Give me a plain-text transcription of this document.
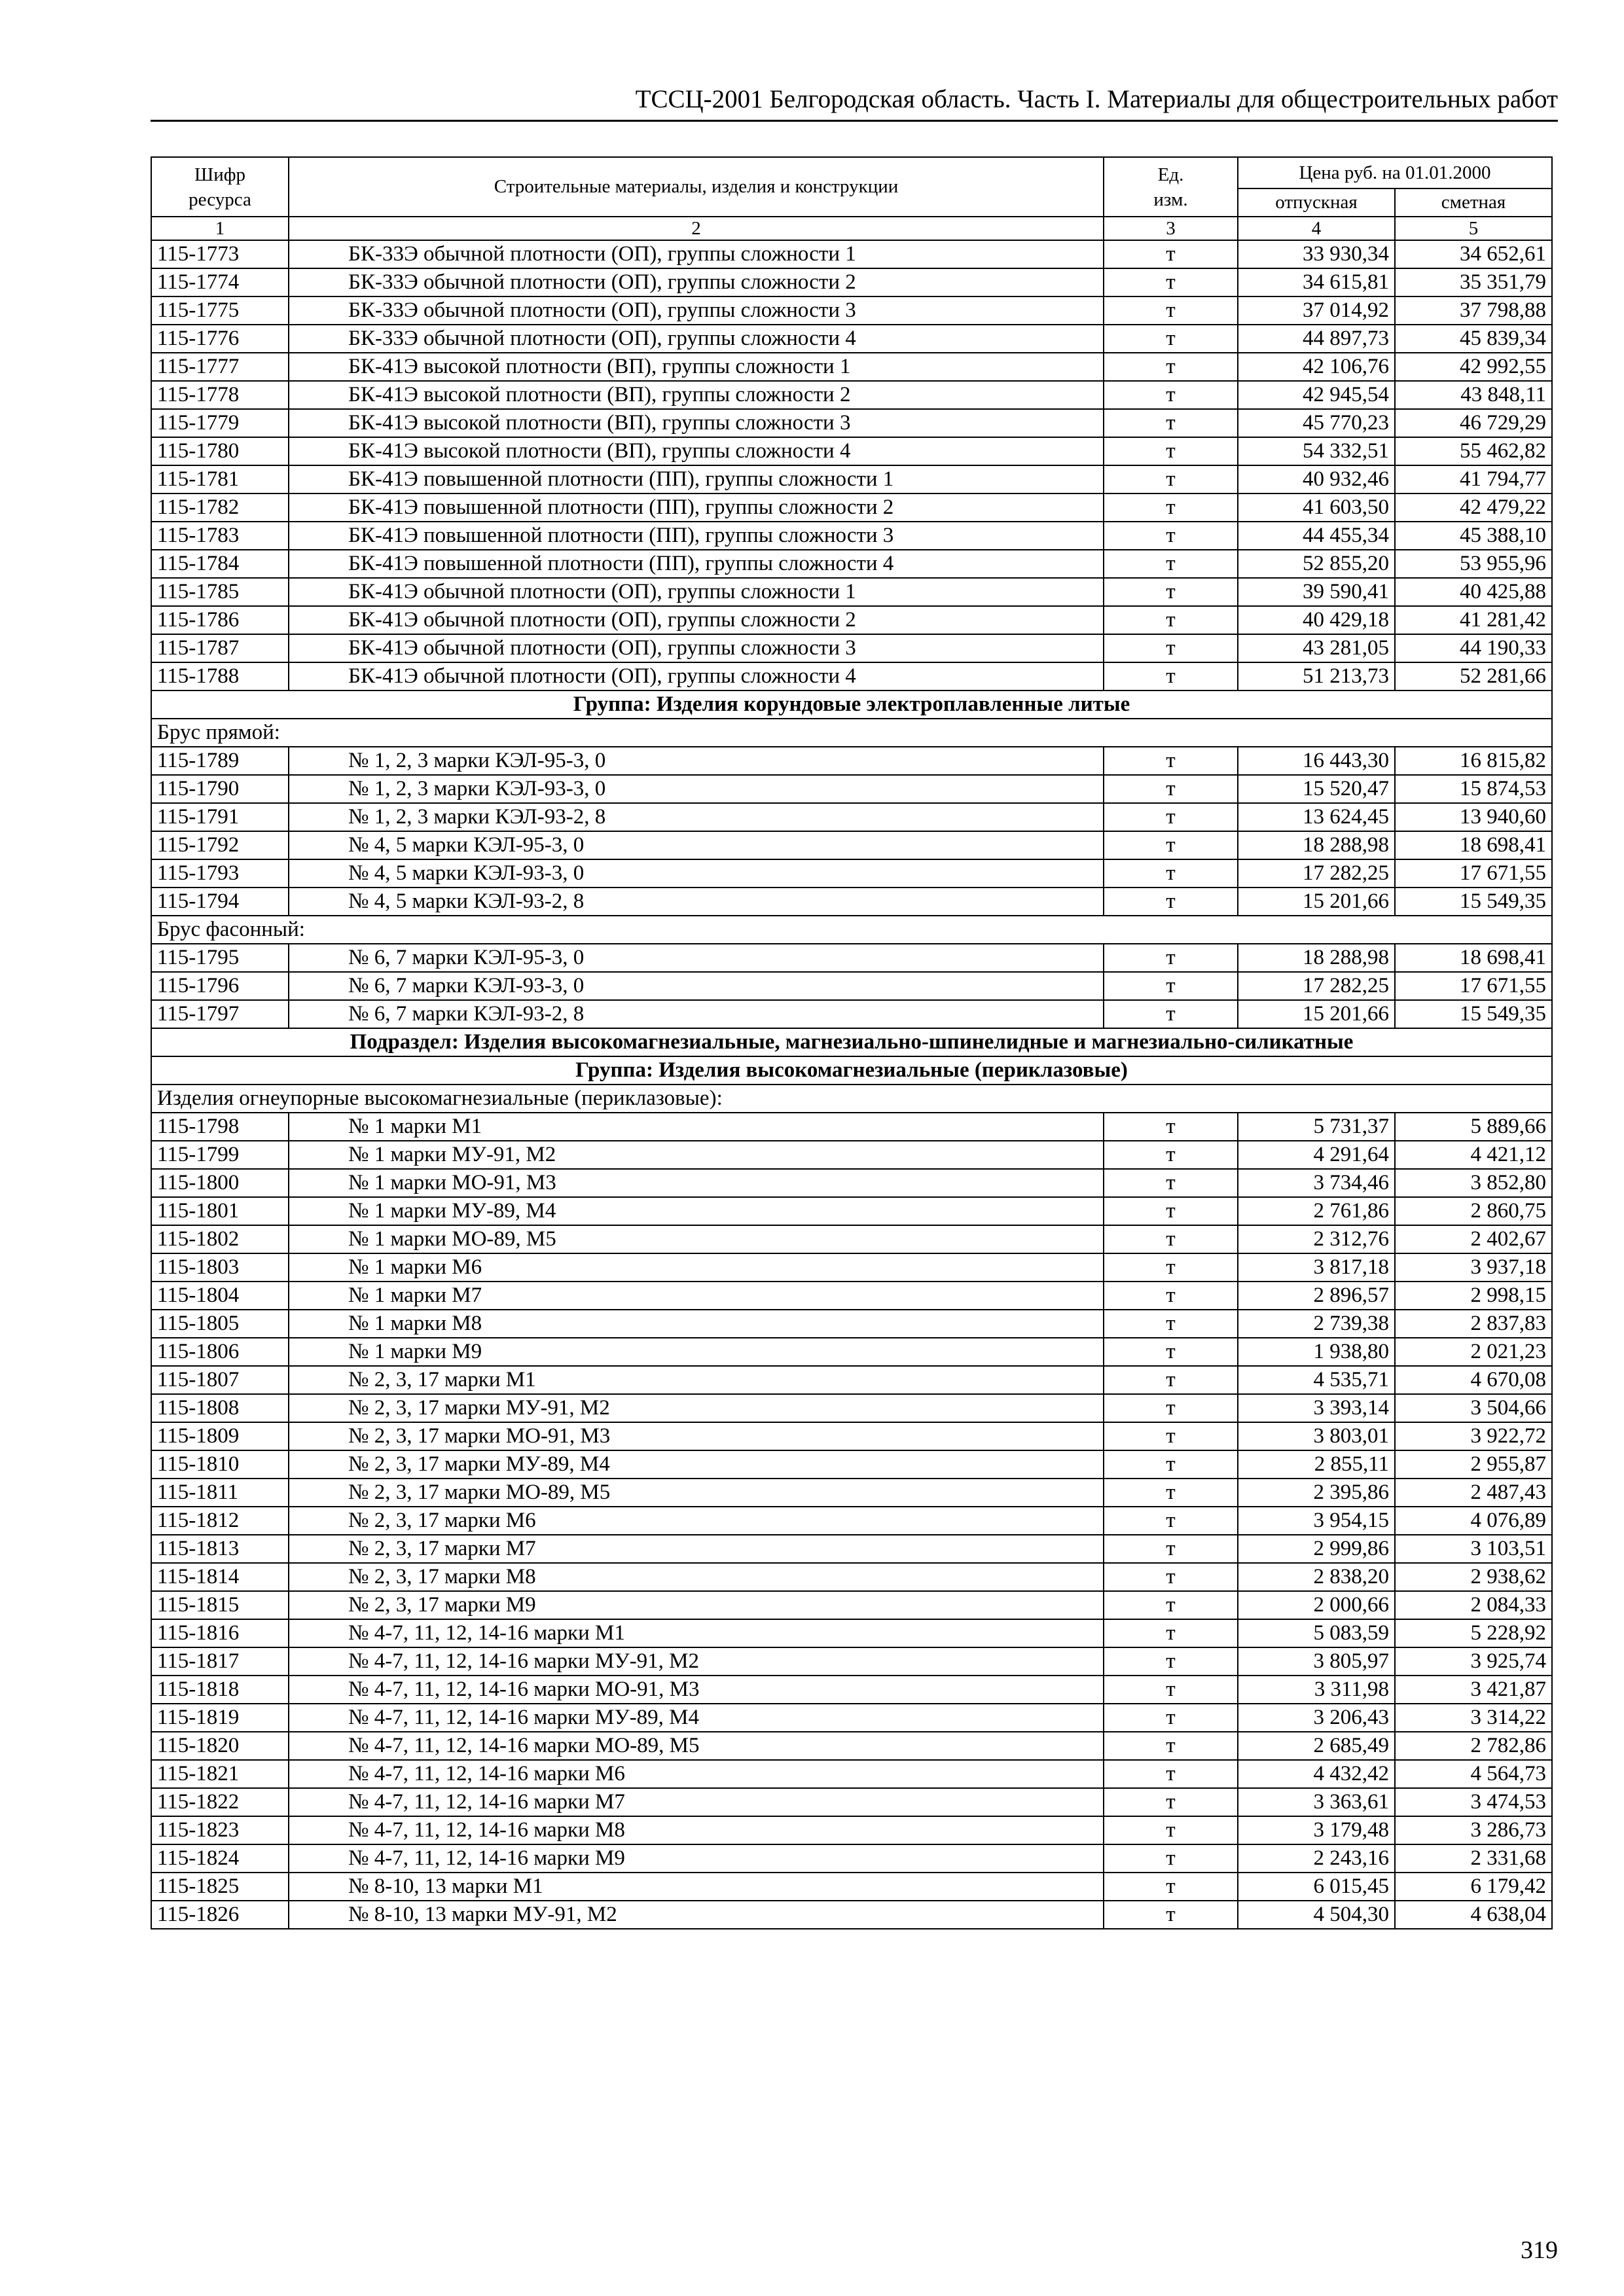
ТССЦ-2001 Белгородская область. Часть I. Материалы для общестроительных работ
Шифр ресурса	Строительные материалы, изделия и конструкции	Ед. изм.	Цена руб. на 01.01.2000	
			отпускная	сметная
1	2	3	4	5
115-1773	БК-33Э обычной плотности (ОП), группы сложности 1	т	33 930,34	34 652,61
115-1774	БК-33Э обычной плотности (ОП), группы сложности 2	т	34 615,81	35 351,79
115-1775	БК-33Э обычной плотности (ОП), группы сложности 3	т	37 014,92	37 798,88
115-1776	БК-33Э обычной плотности (ОП), группы сложности 4	т	44 897,73	45 839,34
115-1777	БК-41Э высокой плотности (ВП), группы сложности 1	т	42 106,76	42 992,55
115-1778	БК-41Э высокой плотности (ВП), группы сложности 2	т	42 945,54	43 848,11
115-1779	БК-41Э высокой плотности (ВП), группы сложности 3	т	45 770,23	46 729,29
115-1780	БК-41Э высокой плотности (ВП), группы сложности 4	т	54 332,51	55 462,82
115-1781	БК-41Э повышенной плотности (ПП), группы сложности 1	т	40 932,46	41 794,77
115-1782	БК-41Э повышенной плотности (ПП), группы сложности 2	т	41 603,50	42 479,22
115-1783	БК-41Э повышенной плотности (ПП), группы сложности 3	т	44 455,34	45 388,10
115-1784	БК-41Э повышенной плотности (ПП), группы сложности 4	т	52 855,20	53 955,96
115-1785	БК-41Э обычной плотности (ОП), группы сложности 1	т	39 590,41	40 425,88
115-1786	БК-41Э обычной плотности (ОП), группы сложности 2	т	40 429,18	41 281,42
115-1787	БК-41Э обычной плотности (ОП), группы сложности 3	т	43 281,05	44 190,33
115-1788	БК-41Э обычной плотности (ОП), группы сложности 4	т	51 213,73	52 281,66
Группа: Изделия корундовые электроплавленные литые				
Брус прямой:				
115-1789	№ 1, 2, 3 марки КЭЛ-95-3, 0	т	16 443,30	16 815,82
115-1790	№ 1, 2, 3 марки КЭЛ-93-3, 0	т	15 520,47	15 874,53
115-1791	№ 1, 2, 3 марки КЭЛ-93-2, 8	т	13 624,45	13 940,60
115-1792	№ 4, 5 марки КЭЛ-95-3, 0	т	18 288,98	18 698,41
115-1793	№ 4, 5 марки КЭЛ-93-3, 0	т	17 282,25	17 671,55
115-1794	№ 4, 5 марки КЭЛ-93-2, 8	т	15 201,66	15 549,35
Брус фасонный:				
115-1795	№ 6, 7 марки КЭЛ-95-3, 0	т	18 288,98	18 698,41
115-1796	№ 6, 7 марки КЭЛ-93-3, 0	т	17 282,25	17 671,55
115-1797	№ 6, 7 марки КЭЛ-93-2, 8	т	15 201,66	15 549,35
Подраздел: Изделия высокомагнезиальные, магнезиально-шпинелидные и магнезиально-силикатные				
Группа: Изделия высокомагнезиальные (периклазовые)				
Изделия огнеупорные высокомагнезиальные (периклазовые):				
115-1798	№ 1 марки М1	т	5 731,37	5 889,66
115-1799	№ 1 марки МУ-91, М2	т	4 291,64	4 421,12
115-1800	№ 1 марки МО-91, М3	т	3 734,46	3 852,80
115-1801	№ 1 марки МУ-89, М4	т	2 761,86	2 860,75
115-1802	№ 1 марки МО-89, М5	т	2 312,76	2 402,67
115-1803	№ 1 марки М6	т	3 817,18	3 937,18
115-1804	№ 1 марки М7	т	2 896,57	2 998,15
115-1805	№ 1 марки М8	т	2 739,38	2 837,83
115-1806	№ 1 марки М9	т	1 938,80	2 021,23
115-1807	№ 2, 3, 17 марки М1	т	4 535,71	4 670,08
115-1808	№ 2, 3, 17 марки МУ-91, М2	т	3 393,14	3 504,66
115-1809	№ 2, 3, 17 марки МО-91, М3	т	3 803,01	3 922,72
115-1810	№ 2, 3, 17 марки МУ-89, М4	т	2 855,11	2 955,87
115-1811	№ 2, 3, 17 марки МО-89, М5	т	2 395,86	2 487,43
115-1812	№ 2, 3, 17 марки М6	т	3 954,15	4 076,89
115-1813	№ 2, 3, 17 марки М7	т	2 999,86	3 103,51
115-1814	№ 2, 3, 17 марки М8	т	2 838,20	2 938,62
115-1815	№ 2, 3, 17 марки М9	т	2 000,66	2 084,33
115-1816	№ 4-7, 11, 12, 14-16 марки М1	т	5 083,59	5 228,92
115-1817	№ 4-7, 11, 12, 14-16 марки МУ-91, М2	т	3 805,97	3 925,74
115-1818	№ 4-7, 11, 12, 14-16 марки МО-91, М3	т	3 311,98	3 421,87
115-1819	№ 4-7, 11, 12, 14-16 марки МУ-89, М4	т	3 206,43	3 314,22
115-1820	№ 4-7, 11, 12, 14-16 марки МО-89, М5	т	2 685,49	2 782,86
115-1821	№ 4-7, 11, 12, 14-16 марки М6	т	4 432,42	4 564,73
115-1822	№ 4-7, 11, 12, 14-16 марки М7	т	3 363,61	3 474,53
115-1823	№ 4-7, 11, 12, 14-16 марки М8	т	3 179,48	3 286,73
115-1824	№ 4-7, 11, 12, 14-16 марки М9	т	2 243,16	2 331,68
115-1825	№ 8-10, 13 марки М1	т	6 015,45	6 179,42
115-1826	№ 8-10, 13 марки МУ-91, М2	т	4 504,30	4 638,04
319
